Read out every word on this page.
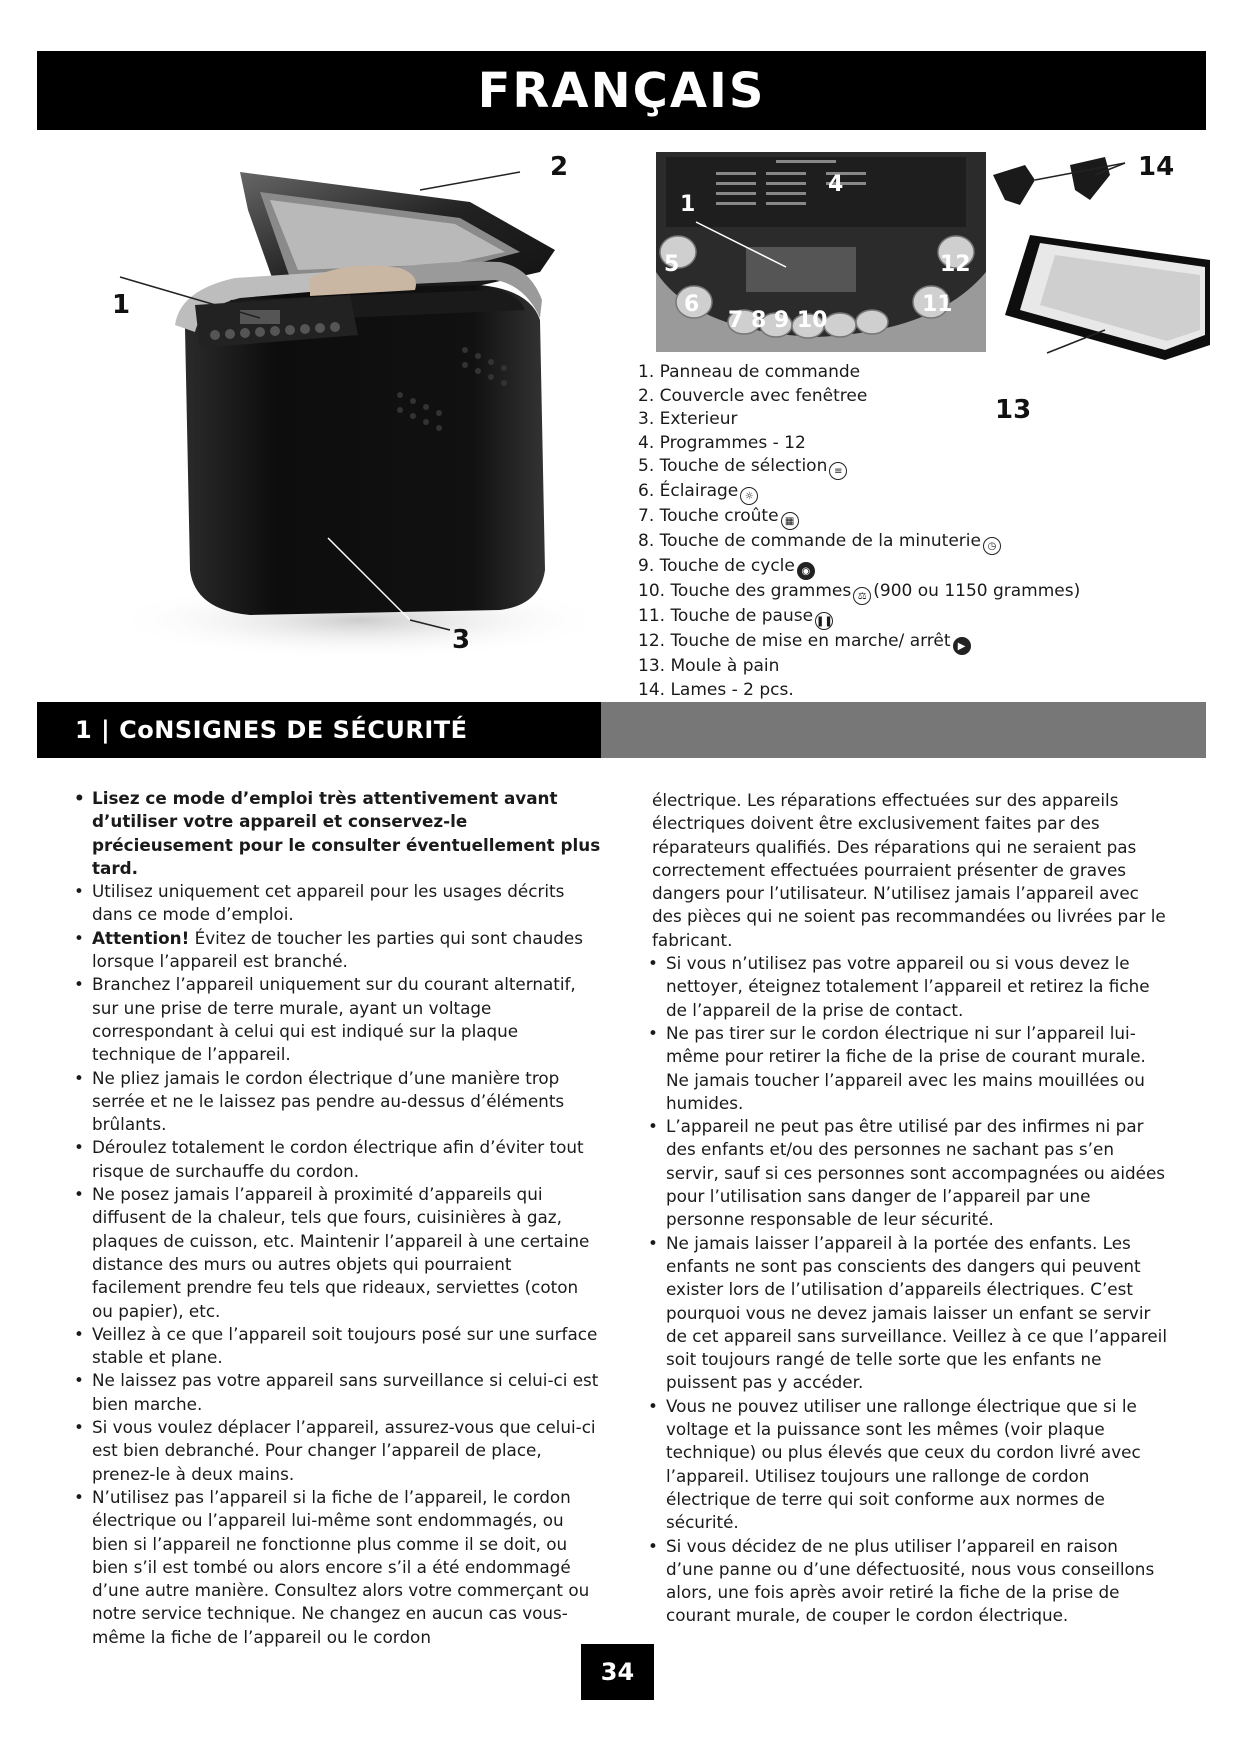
FRANÇAIS
1
2
3
1
4
5
6
7 8 9 10
11
12
14
13
1. Panneau de commande
2. Couvercle avec fenêtree
3. Exterieur
4. Programmes - 12
5. Touche de sélection ≡
6. Éclairage ☼
7. Touche croûte ▦
8. Touche de commande de la minuterie ◷
9. Touche de cycle ◉
10. Touche des grammes ⚖ (900 ou 1150 grammes)
11. Touche de pause ❚❚
12. Touche de mise en marche/ arrêt ▶
13. Moule à pain
14. Lames - 2 pcs.
1 | CoNSIGNES DE SÉCURITÉ

• Lisez ce mode d’emploi très attentivement avant d’utiliser votre appareil et conservez-le précieusement pour le consulter éventuellement plus tard.

• Utilisez uniquement cet appareil pour les usages décrits dans ce mode d’emploi.

• Attention! Évitez de toucher les parties qui sont chaudes lorsque l’appareil est branché.

• Branchez l’appareil uniquement sur du courant alternatif, sur une prise de terre murale, ayant un voltage correspondant à celui qui est indiqué sur la plaque technique de l’appareil.

• Ne pliez jamais le cordon électrique d’une manière trop serrée et ne le laissez pas pendre au-dessus d’éléments brûlants.

• Déroulez totalement le cordon électrique afin d’éviter tout risque de surchauffe du cordon.

• Ne posez jamais l’appareil à proximité d’appareils qui diffusent de la chaleur, tels que fours, cuisinières à gaz, plaques de cuisson, etc. Maintenir l’appareil à une certaine distance des murs ou autres objets qui pourraient facilement prendre feu tels que rideaux, serviettes (coton ou papier), etc.

• Veillez à ce que l’appareil soit toujours posé sur une surface stable et plane.

• Ne laissez pas votre appareil sans surveillance si celui-ci est bien marche.

• Si vous voulez déplacer l’appareil, assurez-vous que celui-ci est bien debranché. Pour changer l’appareil de place, prenez-le à deux mains.

• N’utilisez pas l’appareil si la fiche de l’appareil, le cordon électrique ou l’appareil lui-même sont endommagés, ou bien si l’appareil ne fonctionne plus comme il se doit, ou bien s’il est tombé ou alors encore s’il a été endommagé d’une autre manière. Consultez alors votre commerçant ou notre service technique. Ne changez en aucun cas vous-même la fiche de l’appareil ou le cordon

électrique. Les réparations effectuées sur des appareils électriques doivent être exclusivement faites par des réparateurs qualifiés. Des réparations qui ne seraient pas correctement effectuées pourraient présenter de graves dangers pour l’utilisateur. N’utilisez jamais l’appareil avec des pièces qui ne soient pas recommandées ou livrées par le fabricant.

• Si vous n’utilisez pas votre appareil ou si vous devez le nettoyer, éteignez totalement l’appareil et retirez la fiche de l’appareil de la prise de contact.

• Ne pas tirer sur le cordon électrique ni sur l’appareil lui-même pour retirer la fiche de la prise de courant murale. Ne jamais toucher l’appareil avec les mains mouillées ou humides.

• L’appareil ne peut pas être utilisé par des infirmes ni par des enfants et/ou des personnes ne sachant pas s’en servir, sauf si ces personnes sont accompagnées ou aidées pour l’utilisation sans danger de l’appareil par une personne responsable de leur sécurité.

• Ne jamais laisser l’appareil à la portée des enfants. Les enfants ne sont pas conscients des dangers qui peuvent exister lors de l’utilisation d’appareils électriques. C’est pourquoi vous ne devez jamais laisser un enfant se servir de cet appareil sans surveillance. Veillez à ce que l’appareil soit toujours rangé de telle sorte que les enfants ne puissent pas y accéder.

• Vous ne pouvez utiliser une rallonge électrique que si le voltage et la puissance sont les mêmes (voir plaque technique) ou plus élevés que ceux du cordon livré avec l’appareil. Utilisez toujours une rallonge de cordon électrique de terre qui soit conforme aux normes de sécurité.

• Si vous décidez de ne plus utiliser l’appareil en raison d’une panne ou d’une défectuosité, nous vous conseillons alors, une fois après avoir retiré la fiche de la prise de courant murale, de couper le cordon électrique.

34
